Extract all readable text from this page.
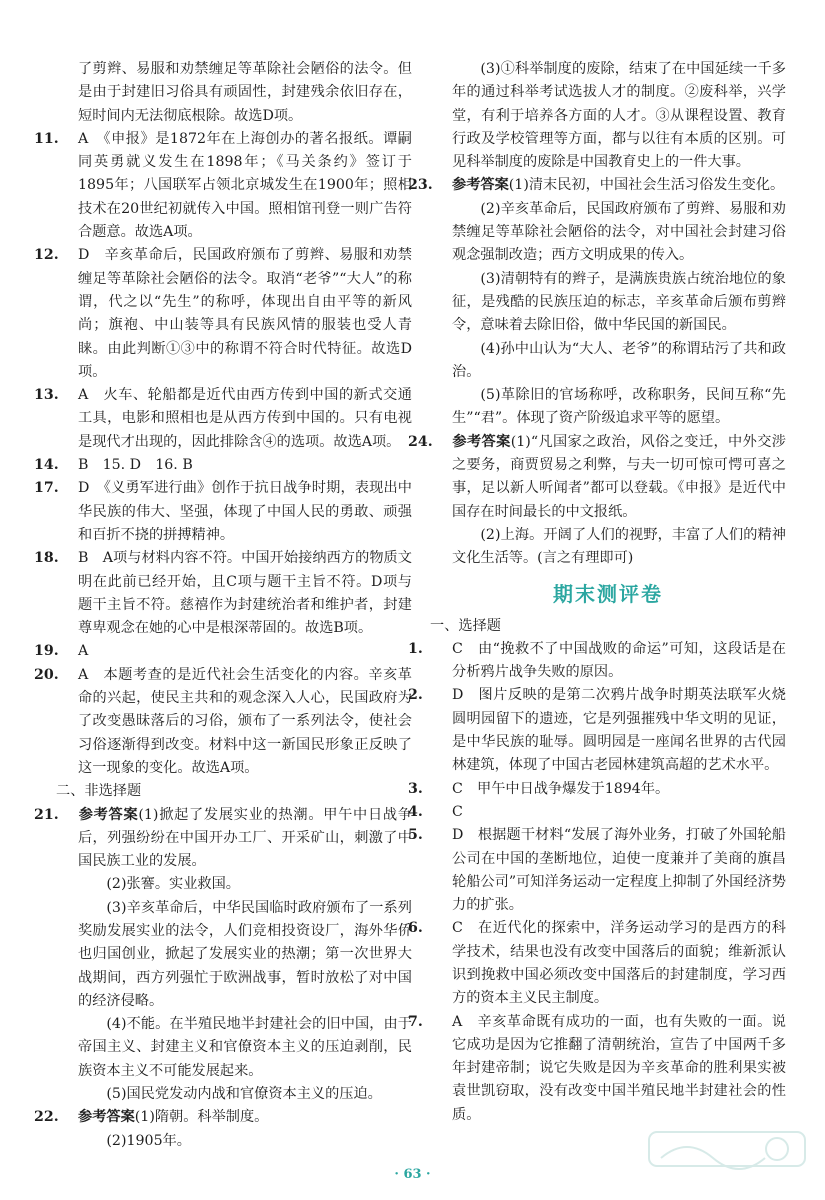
了剪辫、易服和劝禁缠足等革除社会陋俗的法令。但是由于封建旧习俗具有顽固性，封建残余依旧存在，短时间内无法彻底根除。故选D项。

11. A　《申报》是1872年在上海创办的著名报纸。谭嗣同英勇就义发生在1898年；《马关条约》签订于1895年；八国联军占领北京城发生在1900年；照相技术在20世纪初就传入中国。照相馆刊登一则广告符合题意。故选A项。

12. D　辛亥革命后，民国政府颁布了剪辫、易服和劝禁缠足等革除社会陋俗的法令。取消“老爷”“大人”的称谓，代之以“先生”的称呼，体现出自由平等的新风尚；旗袍、中山装等具有民族风情的服装也受人青睐。由此判断①③中的称谓不符合时代特征。故选D项。

13. A　火车、轮船都是近代由西方传到中国的新式交通工具，电影和照相也是从西方传到中国的。只有电视是现代才出现的，因此排除含④的选项。故选A项。

14. B　15. D　16. B

17. D　《义勇军进行曲》创作于抗日战争时期，表现出中华民族的伟大、坚强，体现了中国人民的勇敢、顽强和百折不挠的拼搏精神。

18. B　A项与材料内容不符。中国开始接纳西方的物质文明在此前已经开始，且C项与题干主旨不符。D项与题干主旨不符。慈禧作为封建统治者和维护者，封建尊卑观念在她的心中是根深蒂固的。故选B项。

19. A

20. A　本题考查的是近代社会生活变化的内容。辛亥革命的兴起，使民主共和的观念深入人心，民国政府为了改变愚昧落后的习俗，颁布了一系列法令，使社会习俗逐渐得到改变。材料中这一新国民形象正反映了这一现象的变化。故选A项。

二、非选择题

21. 参考答案(1)掀起了发展实业的热潮。甲午中日战争后，列强纷纷在中国开办工厂、开采矿山，刺激了中国民族工业的发展。

(2)张謇。实业救国。

(3)辛亥革命后，中华民国临时政府颁布了一系列奖励发展实业的法令，人们竞相投资设厂，海外华侨也归国创业，掀起了发展实业的热潮；第一次世界大战期间，西方列强忙于欧洲战事，暂时放松了对中国的经济侵略。

(4)不能。在半殖民地半封建社会的旧中国，由于帝国主义、封建主义和官僚资本主义的压迫剥削，民族资本主义不可能发展起来。

(5)国民党发动内战和官僚资本主义的压迫。

22. 参考答案(1)隋朝。科举制度。

(2)1905年。

(3)①科举制度的废除，结束了在中国延续一千多年的通过科举考试选拔人才的制度。②废科举，兴学堂，有利于培养各方面的人才。③从课程设置、教育行政及学校管理等方面，都与以往有本质的区别。可见科举制度的废除是中国教育史上的一件大事。

23. 参考答案(1)清末民初，中国社会生活习俗发生变化。

(2)辛亥革命后，民国政府颁布了剪辫、易服和劝禁缠足等革除社会陋俗的法令，对中国社会封建习俗观念强制改造；西方文明成果的传入。

(3)清朝特有的辫子，是满族贵族占统治地位的象征，是残酷的民族压迫的标志，辛亥革命后颁布剪辫令，意味着去除旧俗，做中华民国的新国民。

(4)孙中山认为“大人、老爷”的称谓玷污了共和政治。

(5)革除旧的官场称呼，改称职务，民间互称“先生”“君”。体现了资产阶级追求平等的愿望。

24. 参考答案(1)“凡国家之政治，风俗之变迁，中外交涉之要务，商贾贸易之利弊，与夫一切可惊可愕可喜之事，足以新人听闻者”都可以登载。《申报》是近代中国存在时间最长的中文报纸。

(2)上海。开阔了人们的视野，丰富了人们的精神文化生活等。(言之有理即可)

期末测评卷

一、选择题

1. C　由“挽救不了中国战败的命运”可知，这段话是在分析鸦片战争失败的原因。

2. D　图片反映的是第二次鸦片战争时期英法联军火烧圆明园留下的遗迹，它是列强摧残中华文明的见证，是中华民族的耻辱。圆明园是一座闻名世界的古代园林建筑，体现了中国古老园林建筑高超的艺术水平。

3. C　甲午中日战争爆发于1894年。

4. C

5. D　根据题干材料“发展了海外业务，打破了外国轮船公司在中国的垄断地位，迫使一度兼并了美商的旗昌轮船公司”可知洋务运动一定程度上抑制了外国经济势力的扩张。

6. C　在近代化的探索中，洋务运动学习的是西方的科学技术，结果也没有改变中国落后的面貌；维新派认识到挽救中国必须改变中国落后的封建制度，学习西方的资本主义民主制度。

7. A　辛亥革命既有成功的一面，也有失败的一面。说它成功是因为它推翻了清朝统治，宣告了中国两千多年封建帝制；说它失败是因为辛亥革命的胜利果实被袁世凯窃取，没有改变中国半殖民地半封建社会的性质。

· 63 ·
